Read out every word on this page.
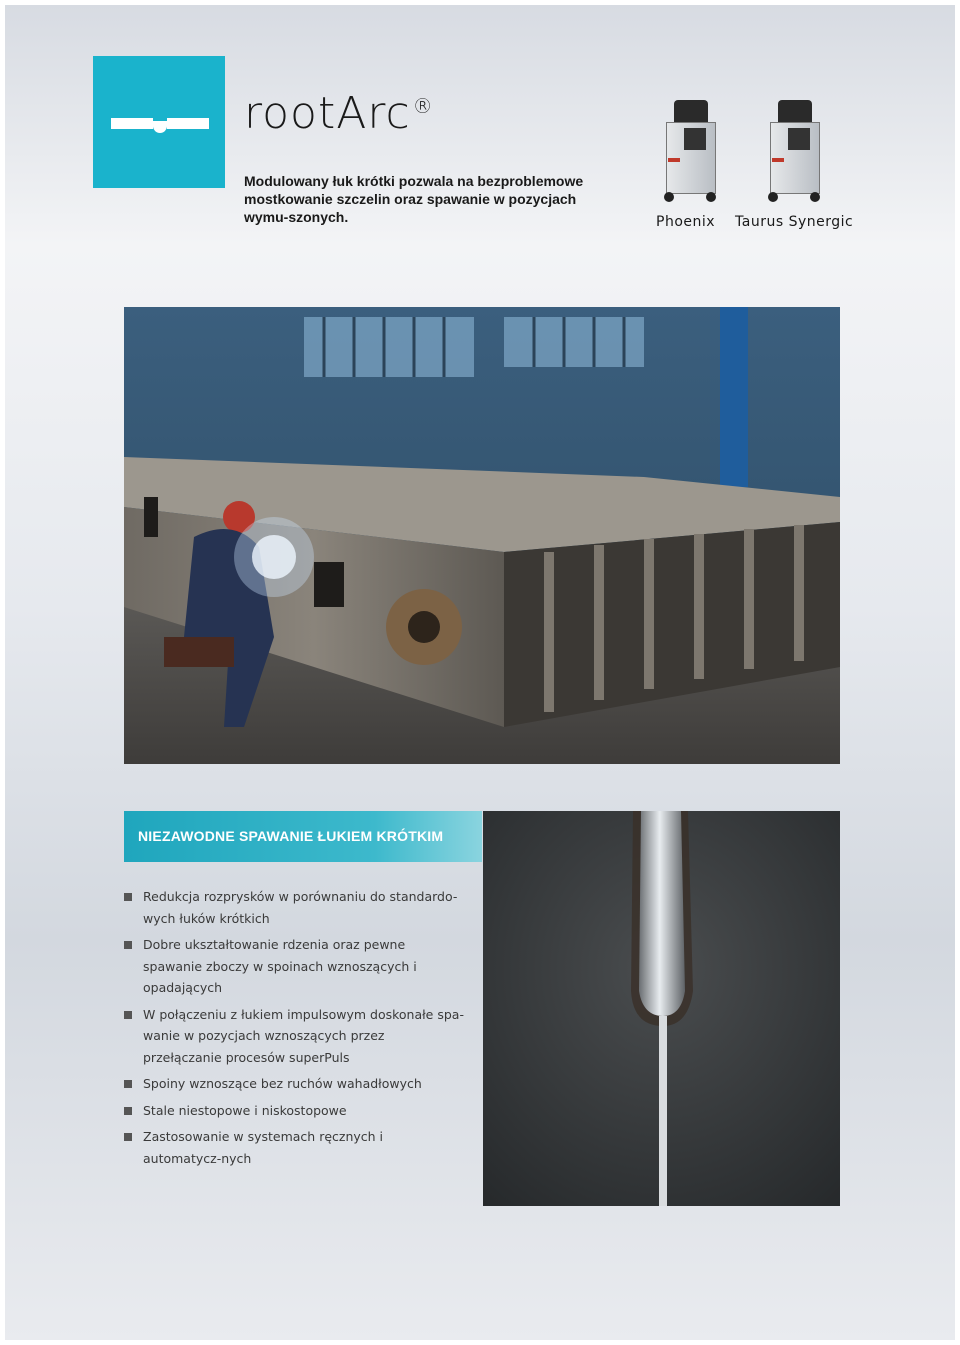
rootArc ®
Modulowany łuk krótki pozwala na bezproblemowe mostkowanie szczelin oraz spawanie w pozycjach wymu-szonych.	Phoenix Taurus Synergic
NIEZAWODNE SPAWANIE ŁUKIEM KRÓTKIM
Redukcja rozprysków w porównaniu do standardo-wych łuków krótkich
Dobre ukształtowanie rdzenia oraz pewne spawanie zboczy w spoinach wznoszących i opadających
W połączeniu z łukiem impulsowym doskonałe spa-wanie w pozycjach wznoszących przez przełączanie procesów superPuls
Spoiny wznoszące bez ruchów wahadłowych
Stale niestopowe i niskostopowe
Zastosowanie w systemach ręcznych i automatycz-nych
